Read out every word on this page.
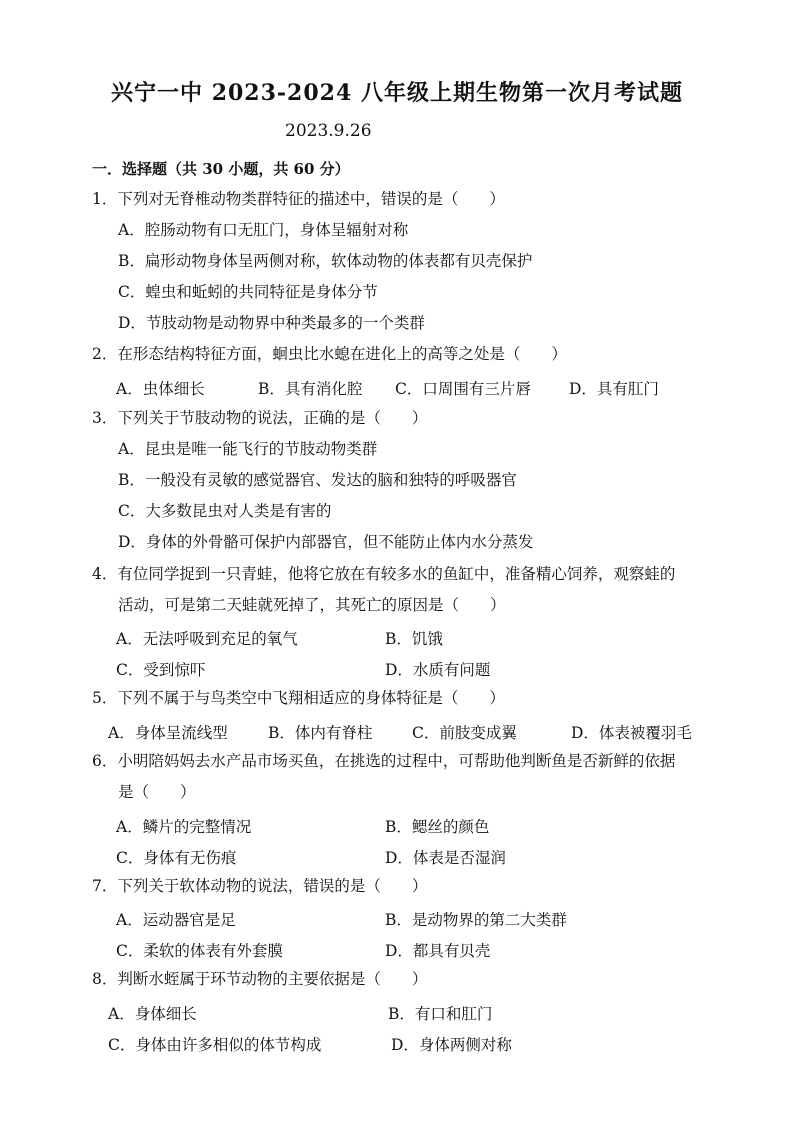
兴宁一中 2023-2024 八年级上期生物第一次月考试题
2023.9.26
一．选择题（共 30 小题，共 60 分）
1．下列对无脊椎动物类群特征的描述中，错误的是（　　）
A．腔肠动物有口无肛门，身体呈辐射对称
B．扁形动物身体呈两侧对称，软体动物的体表都有贝壳保护
C．蝗虫和蚯蚓的共同特征是身体分节
D．节肢动物是动物界中种类最多的一个类群
2．在形态结构特征方面，蛔虫比水螅在进化上的高等之处是（　　）
A．虫体细长	B．具有消化腔 C．口周围有三片唇 D．具有肛门
3．下列关于节肢动物的说法，正确的是（　　）
A．昆虫是唯一能飞行的节肢动物类群
B．一般没有灵敏的感觉器官、发达的脑和独特的呼吸器官
C．大多数昆虫对人类是有害的
D．身体的外骨骼可保护内部器官，但不能防止体内水分蒸发
4．有位同学捉到一只青蛙，他将它放在有较多水的鱼缸中，准备精心饲养，观察蛙的
活动，可是第二天蛙就死掉了，其死亡的原因是（　　）
A．无法呼吸到充足的氧气	B．饥饿
C．受到惊吓	D．水质有问题
5．下列不属于与鸟类空中飞翔相适应的身体特征是（　　）
A．身体呈流线型	B．体内有脊柱	C．前肢变成翼	D．体表被覆羽毛
6．小明陪妈妈去水产品市场买鱼，在挑选的过程中，可帮助他判断鱼是否新鲜的依据
是（　　）
A．鳞片的完整情况	B．鳃丝的颜色
C．身体有无伤痕	D．体表是否湿润
7．下列关于软体动物的说法，错误的是（　　）
A．运动器官是足	B．是动物界的第二大类群
C．柔软的体表有外套膜	D．都具有贝壳
8．判断水蛭属于环节动物的主要依据是（　　）
A．身体细长	B．有口和肛门
C．身体由许多相似的体节构成	D．身体两侧对称
